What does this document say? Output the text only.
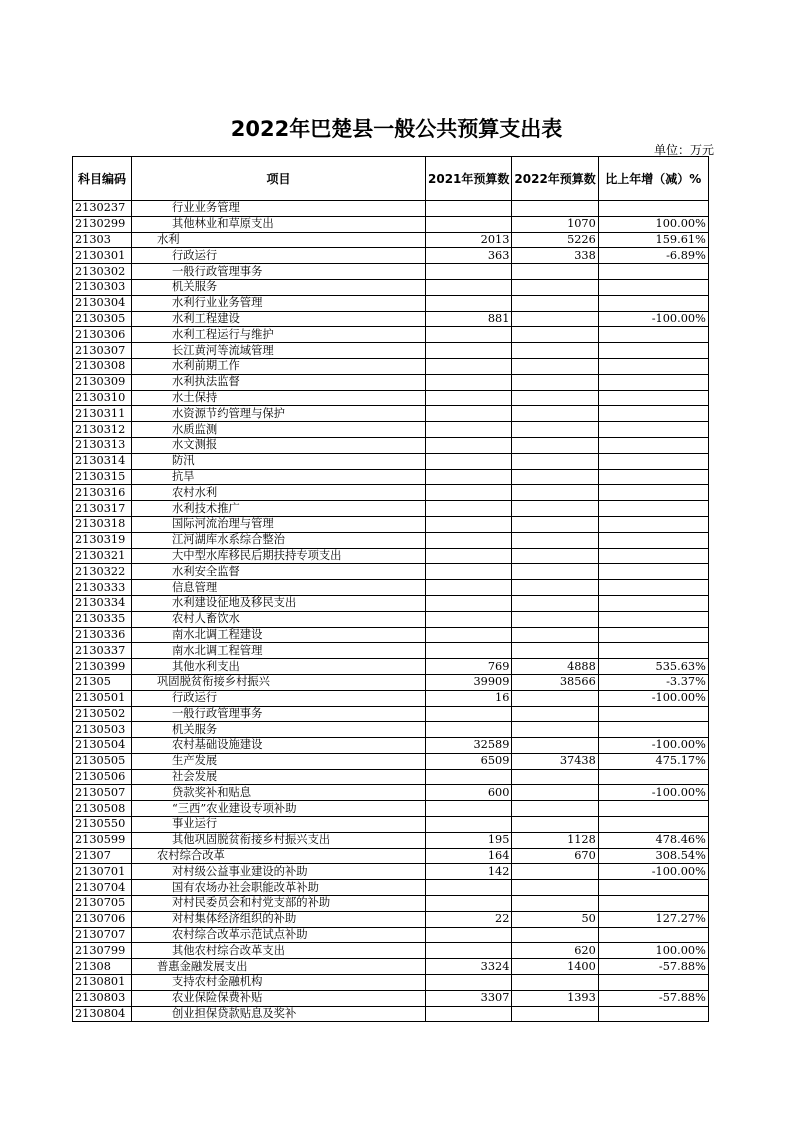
2022年巴楚县一般公共预算支出表
单位：万元
科目编码	项目	2021年预算数	2022年预算数	比上年增（减）%
2130237	行业业务管理			
2130299	其他林业和草原支出		1070	100.00%
21303	水利	2013	5226	159.61%
2130301	行政运行	363	338	-6.89%
2130302	一般行政管理事务			
2130303	机关服务			
2130304	水利行业业务管理			
2130305	水利工程建设	881		-100.00%
2130306	水利工程运行与维护			
2130307	长江黄河等流域管理			
2130308	水利前期工作			
2130309	水利执法监督			
2130310	水土保持			
2130311	水资源节约管理与保护			
2130312	水质监测			
2130313	水文测报			
2130314	防汛			
2130315	抗旱			
2130316	农村水利			
2130317	水利技术推广			
2130318	国际河流治理与管理			
2130319	江河湖库水系综合整治			
2130321	大中型水库移民后期扶持专项支出			
2130322	水利安全监督			
2130333	信息管理			
2130334	水利建设征地及移民支出			
2130335	农村人畜饮水			
2130336	南水北调工程建设			
2130337	南水北调工程管理			
2130399	其他水利支出	769	4888	535.63%
21305	巩固脱贫衔接乡村振兴	39909	38566	-3.37%
2130501	行政运行	16		-100.00%
2130502	一般行政管理事务			
2130503	机关服务			
2130504	农村基础设施建设	32589		-100.00%
2130505	生产发展	6509	37438	475.17%
2130506	社会发展			
2130507	贷款奖补和贴息	600		-100.00%
2130508	“三西”农业建设专项补助			
2130550	事业运行			
2130599	其他巩固脱贫衔接乡村振兴支出	195	1128	478.46%
21307	农村综合改革	164	670	308.54%
2130701	对村级公益事业建设的补助	142		-100.00%
2130704	国有农场办社会职能改革补助			
2130705	对村民委员会和村党支部的补助			
2130706	对村集体经济组织的补助	22	50	127.27%
2130707	农村综合改革示范试点补助			
2130799	其他农村综合改革支出		620	100.00%
21308	普惠金融发展支出	3324	1400	-57.88%
2130801	支持农村金融机构			
2130803	农业保险保费补贴	3307	1393	-57.88%
2130804	创业担保贷款贴息及奖补			
